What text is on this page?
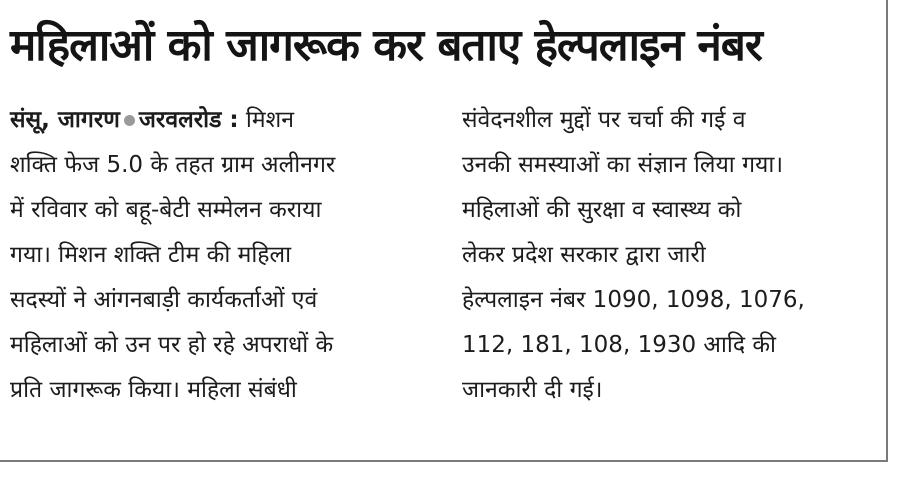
महिलाओं को जागरूक कर बताए हेल्पलाइन नंबर
संसू, जागरण जरवलरोड : मिशन
शक्ति फेज 5.0 के तहत ग्राम अलीनगर
में रविवार को बहू-बेटी सम्मेलन कराया
गया। मिशन शक्ति टीम की महिला
सदस्यों ने आंगनबाड़ी कार्यकर्ताओं एवं
महिलाओं को उन पर हो रहे अपराधों के
प्रति जागरूक किया। महिला संबंधी
संवेदनशील मुद्दों पर चर्चा की गई व
उनकी समस्याओं का संज्ञान लिया गया।
महिलाओं की सुरक्षा व स्वास्थ्य को
लेकर प्रदेश सरकार द्वारा जारी
हेल्पलाइन नंबर 1090, 1098, 1076,
112, 181, 108, 1930 आदि की
जानकारी दी गई।
